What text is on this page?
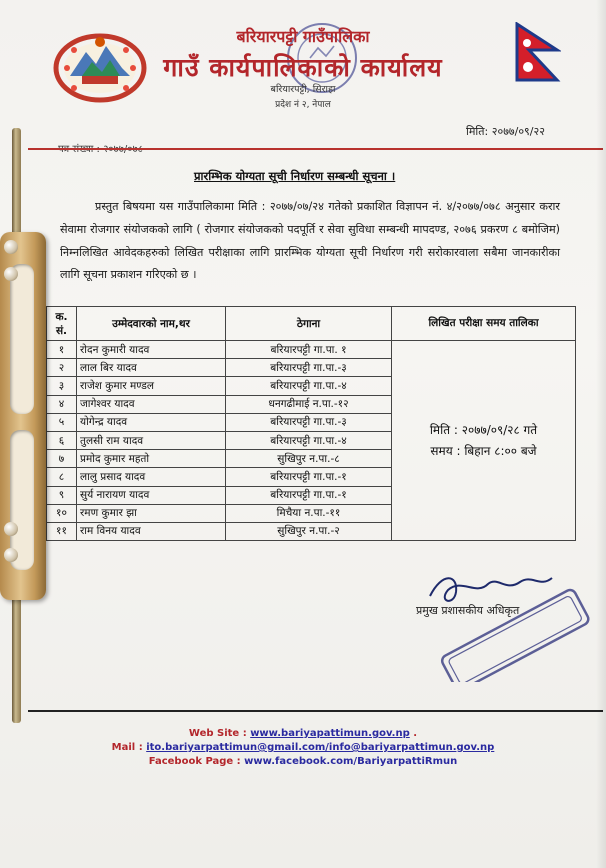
बरियारपट्टी गाउँपालिका
गाउँ कार्यपालिकाको कार्यालय
बरियारपट्टी, सिराहा
प्रदेश नं २, नेपाल
मिति: २०७७/०९/२२
प्रारम्भिक योग्यता सूची निर्धारण सम्बन्धी सूचना ।
प्रस्तुत बिषयमा यस गाउँपालिकामा मिति : २०७७/०७/२४ गतेको प्रकाशित विज्ञापन नं. ४/२०७७/०७८ अनुसार करार सेवामा रोजगार संयोजकको लागि ( रोजगार संयोजकको पदपूर्ति र सेवा सुविधा सम्बन्धी मापदण्ड, २०७६ प्रकरण ८ बमोजिम) निम्नलिखित आवेदकहरुको लिखित परीक्षाका लागि प्रारम्भिक योग्यता सूची निर्धारण गरी सरोकारवाला सबैमा जानकारीका लागि सूचना प्रकाशन गरिएको छ ।
क. सं.	उम्मेदवारको नाम,थर	ठेगाना	लिखित परीक्षा समय तालिका
१	रोदन कुमारी यादव	बरियारपट्टी गा.पा. १	मिति : २०७७/०९/२८ गते
समय : बिहान ८:०० बजे

२	लाल बिर यादव	बरियारपट्टी गा.पा.-३	
३	राजेश कुमार मण्डल	बरियारपट्टी गा.पा.-४	
४	जागेश्वर यादव	धनगढीमाई न.पा.-१२	
५	योगेन्द्र यादव	बरियारपट्टी गा.पा.-३	
६	तुलसी राम यादव	बरियारपट्टी गा.पा.-४	
७	प्रमोद कुमार महतो	सुखिपुर न.पा.-८	
८	लालु प्रसाद यादव	बरियारपट्टी गा.पा.-१	
९	सुर्य नारायण यादव	बरियारपट्टी गा.पा.-१	
१०	रमण कुमार झा	मिचैया न.पा.-११	
११	राम विनय यादव	सुखिपुर न.पा.-२	
प्रमुख प्रशासकीय अधिकृत
Web Site : www.bariyapattimun.gov.np .
Mail : ito.bariyarpattimun@gmail.com/info@bariyarpattimun.gov.np
Facebook Page : www.facebook.com/BariyarpattiRmun
